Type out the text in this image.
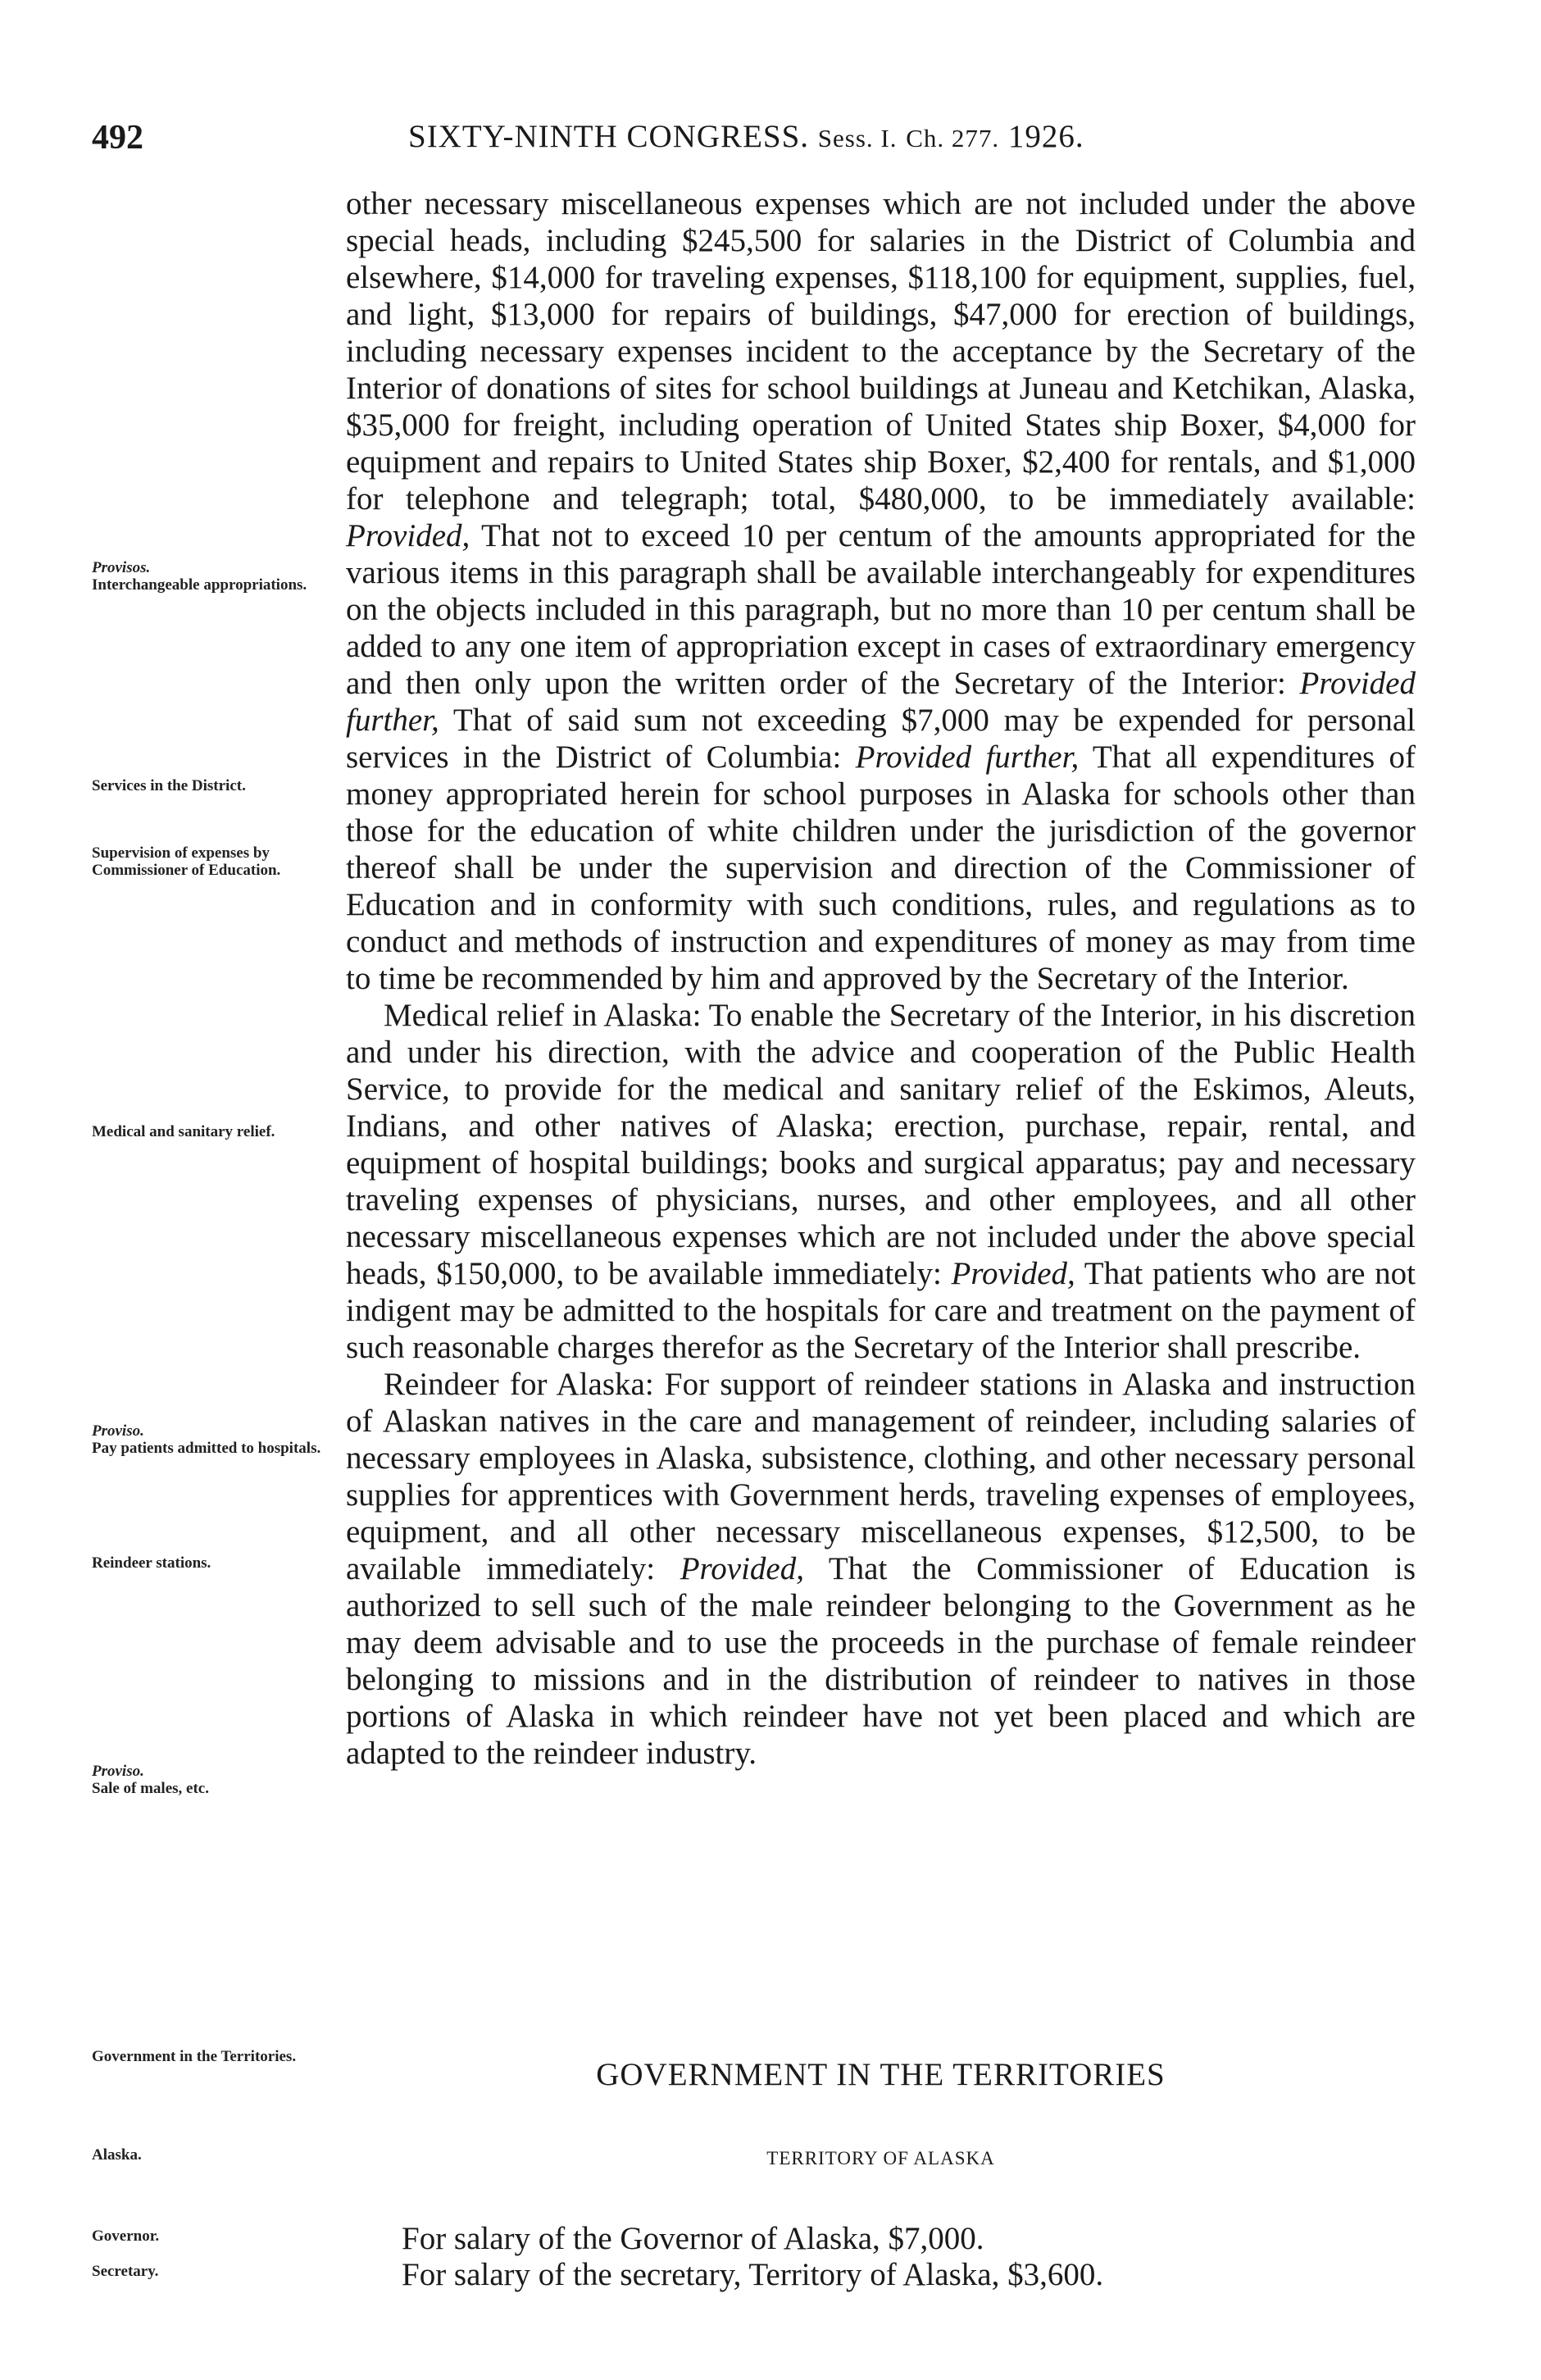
492	SIXTY-NINTH CONGRESS. Sess. I. Ch. 277. 1926.
Provisos.
Interchangeable appropriations.
Services in the District.
Supervision of expenses by Commissioner of Education.
Medical and sanitary relief.
Proviso.
Pay patients admitted to hospitals.
Reindeer stations.
Proviso.
Sale of males, etc.
Government in the Territories.
Alaska.
Governor.
Secretary.

other necessary miscellaneous expenses which are not included under the above special heads, including $245,500 for salaries in the District of Columbia and elsewhere, $14,000 for traveling expenses, $118,100 for equipment, supplies, fuel, and light, $13,000 for repairs of buildings, $47,000 for erection of buildings, including necessary expenses incident to the acceptance by the Secretary of the Interior of donations of sites for school buildings at Juneau and Ketchikan, Alaska, $35,000 for freight, including operation of United States ship Boxer, $4,000 for equipment and repairs to United States ship Boxer, $2,400 for rentals, and $1,000 for telephone and telegraph; total, $480,000, to be immediately available: Provided, That not to exceed 10 per centum of the amounts appropriated for the various items in this paragraph shall be available interchangeably for expenditures on the objects included in this paragraph, but no more than 10 per centum shall be added to any one item of appropriation except in cases of extraordinary emergency and then only upon the written order of the Secretary of the Interior: Provided further, That of said sum not exceeding $7,000 may be expended for personal services in the District of Columbia: Provided further, That all expenditures of money appropriated herein for school purposes in Alaska for schools other than those for the education of white children under the jurisdiction of the governor thereof shall be under the supervision and direction of the Commissioner of Education and in conformity with such conditions, rules, and regulations as to conduct and methods of instruction and expenditures of money as may from time to time be recommended by him and approved by the Secretary of the Interior.

Medical relief in Alaska: To enable the Secretary of the Interior, in his discretion and under his direction, with the advice and cooperation of the Public Health Service, to provide for the medical and sanitary relief of the Eskimos, Aleuts, Indians, and other natives of Alaska; erection, purchase, repair, rental, and equipment of hospital buildings; books and surgical apparatus; pay and necessary traveling expenses of physicians, nurses, and other employees, and all other necessary miscellaneous expenses which are not included under the above special heads, $150,000, to be available immediately: Provided, That patients who are not indigent may be admitted to the hospitals for care and treatment on the payment of such reasonable charges therefor as the Secretary of the Interior shall prescribe.

Reindeer for Alaska: For support of reindeer stations in Alaska and instruction of Alaskan natives in the care and management of reindeer, including salaries of necessary employees in Alaska, subsistence, clothing, and other necessary personal supplies for apprentices with Government herds, traveling expenses of employees, equipment, and all other necessary miscellaneous expenses, $12,500, to be available immediately: Provided, That the Commissioner of Education is authorized to sell such of the male reindeer belonging to the Government as he may deem advisable and to use the proceeds in the purchase of female reindeer belonging to missions and in the distribution of reindeer to natives in those portions of Alaska in which reindeer have not yet been placed and which are adapted to the reindeer industry.

GOVERNMENT IN THE TERRITORIES
TERRITORY OF ALASKA
For salary of the Governor of Alaska, $7,000.
For salary of the secretary, Territory of Alaska, $3,600.
